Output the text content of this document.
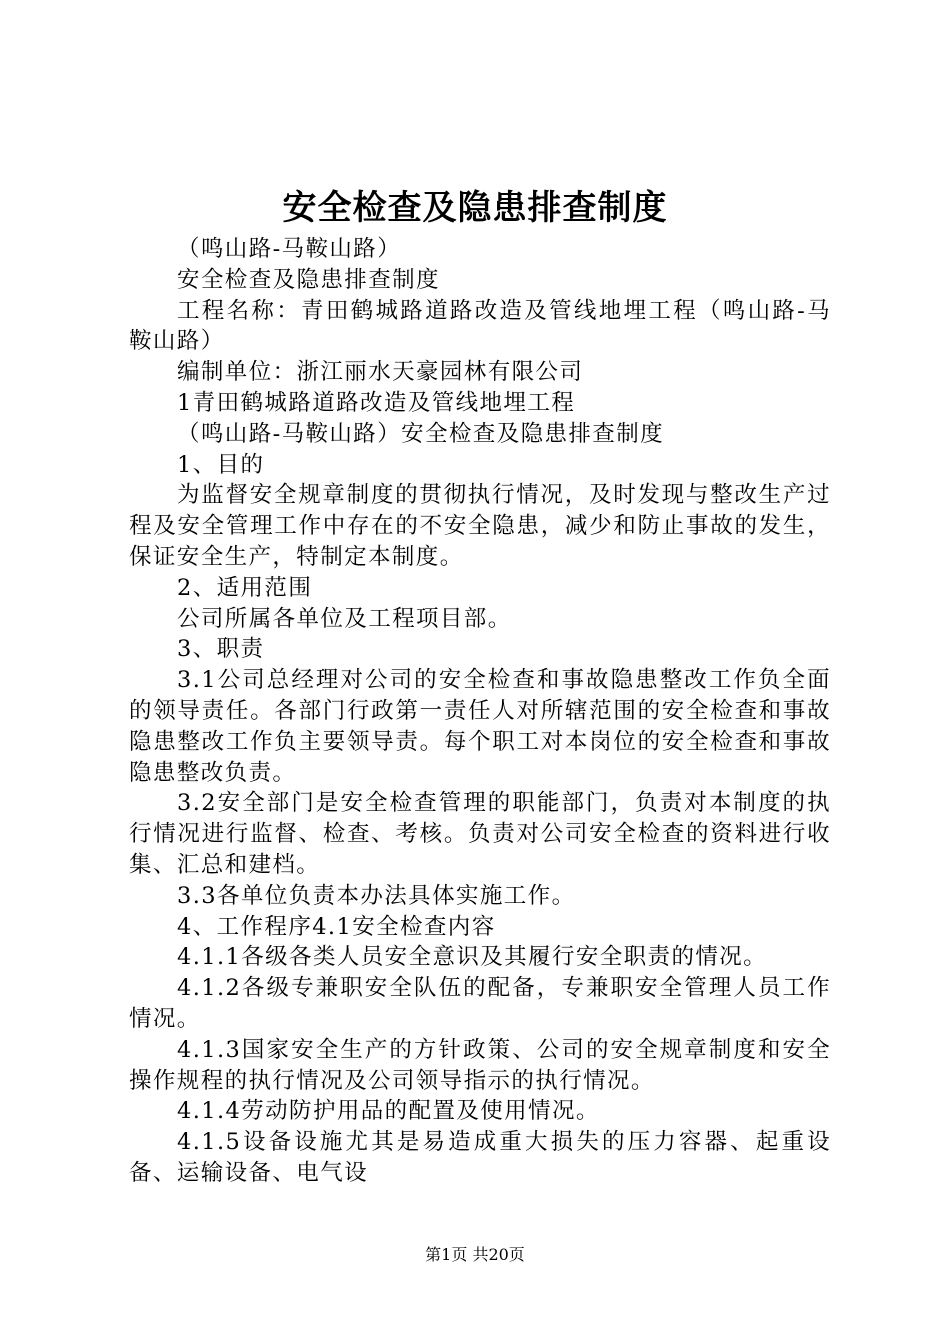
安全检查及隐患排查制度

（鸣山路-马鞍山路）

安全检查及隐患排查制度

工程名称：青田鹤城路道路改造及管线地埋工程（鸣山路-马鞍山路）

编制单位：浙江丽水天豪园林有限公司

1青田鹤城路道路改造及管线地埋工程

（鸣山路-马鞍山路）安全检查及隐患排查制度

1、目的

为监督安全规章制度的贯彻执行情况，及时发现与整改生产过程及安全管理工作中存在的不安全隐患，减少和防止事故的发生，保证安全生产，特制定本制度。

2、适用范围

公司所属各单位及工程项目部。

3、职责

3.1公司总经理对公司的安全检查和事故隐患整改工作负全面的领导责任。各部门行政第一责任人对所辖范围的安全检查和事故隐患整改工作负主要领导责。每个职工对本岗位的安全检查和事故隐患整改负责。

3.2安全部门是安全检查管理的职能部门，负责对本制度的执行情况进行监督、检查、考核。负责对公司安全检查的资料进行收集、汇总和建档。

3.3各单位负责本办法具体实施工作。

4、工作程序4.1安全检查内容

4.1.1各级各类人员安全意识及其履行安全职责的情况。

4.1.2各级专兼职安全队伍的配备，专兼职安全管理人员工作情况。

4.1.3国家安全生产的方针政策、公司的安全规章制度和安全操作规程的执行情况及公司领导指示的执行情况。

4.1.4劳动防护用品的配置及使用情况。

4.1.5设备设施尤其是易造成重大损失的压力容器、起重设备、运输设备、电气设

第1页 共20页
